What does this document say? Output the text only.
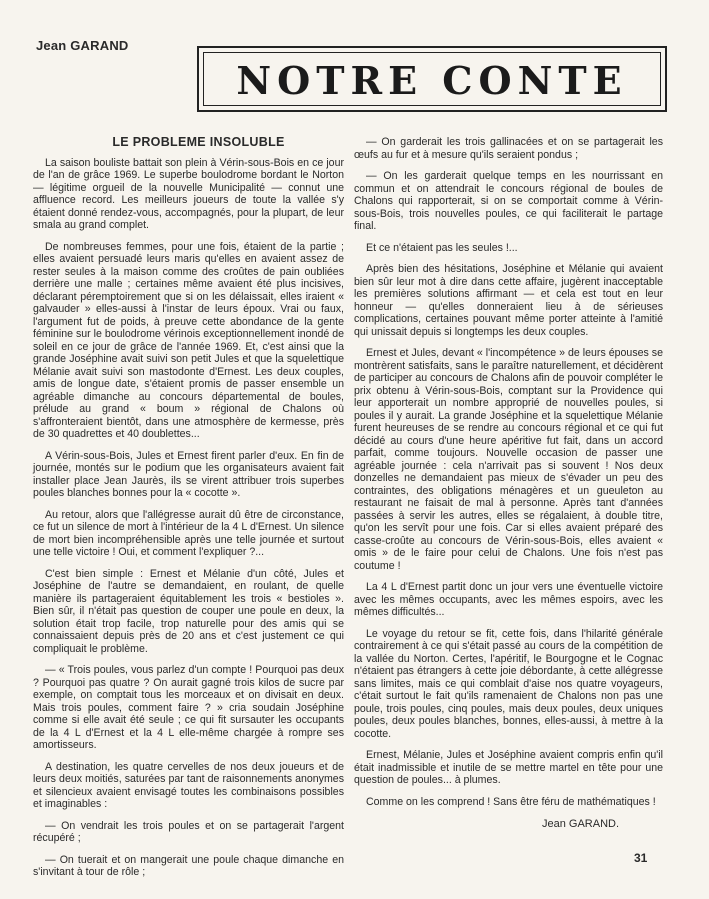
Jean GARAND
NOTRE CONTE
LE PROBLEME INSOLUBLE

La saison bouliste battait son plein à Vérin-sous-Bois en ce jour de l'an de grâce 1969. Le superbe boulodrome bordant le Norton — légitime orgueil de la nouvelle Municipalité — connut une affluence record. Les meilleurs joueurs de toute la vallée s'y étaient donné rendez-vous, accompagnés, pour la plupart, de leur smala au grand complet.

De nombreuses femmes, pour une fois, étaient de la partie ; elles avaient persuadé leurs maris qu'elles en avaient assez de rester seules à la maison comme des croûtes de pain oubliées derrière une malle ; certaines même avaient été plus incisives, déclarant péremptoirement que si on les délaissait, elles iraient « galvauder » elles-aussi à l'instar de leurs époux. Vrai ou faux, l'argument fut de poids, à preuve cette abondance de la gente féminine sur le boulodrome vérinois exceptionnellement inondé de soleil en ce jour de grâce de l'année 1969. Et, c'est ainsi que la grande Joséphine avait suivi son petit Jules et que la squelettique Mélanie avait suivi son mastodonte d'Ernest. Les deux couples, amis de longue date, s'étaient promis de passer ensemble un agréable dimanche au concours départemental de boules, prélude au grand « boum » régional de Chalons où s'affronteraient bientôt, dans une atmosphère de kermesse, près de 30 quadrettes et 40 doublettes...

A Vérin-sous-Bois, Jules et Ernest firent parler d'eux. En fin de journée, montés sur le podium que les organisateurs avaient fait installer place Jean Jaurès, ils se virent attribuer trois superbes poules blanches bonnes pour la « cocotte ».

Au retour, alors que l'allégresse aurait dû être de circonstance, ce fut un silence de mort à l'intérieur de la 4 L d'Ernest. Un silence de mort bien incompréhensible après une telle journée et surtout une telle victoire ! Oui, et comment l'expliquer ?...

C'est bien simple : Ernest et Mélanie d'un côté, Jules et Joséphine de l'autre se demandaient, en roulant, de quelle manière ils partageraient équitablement les trois « bestioles ». Bien sûr, il n'était pas question de couper une poule en deux, la solution était trop facile, trop naturelle pour des amis qui se connaissaient depuis près de 20 ans et c'est justement ce qui compliquait le problème.

— « Trois poules, vous parlez d'un compte ! Pourquoi pas deux ? Pourquoi pas quatre ? On aurait gagné trois kilos de sucre par exemple, on comptait tous les morceaux et on divisait en deux. Mais trois poules, comment faire ? » cria soudain Joséphine comme si elle avait été seule ; ce qui fit sursauter les occupants de la 4 L d'Ernest et la 4 L elle-même chargée à rompre ses amortisseurs.

A destination, les quatre cervelles de nos deux joueurs et de leurs deux moitiés, saturées par tant de raisonnements anonymes et silencieux avaient envisagé toutes les combinaisons possibles et imaginables :

— On vendrait les trois poules et on se partagerait l'argent récupéré ;

— On tuerait et on mangerait une poule chaque dimanche en s'invitant à tour de rôle ;

— On garderait les trois gallinacées et on se partagerait les œufs au fur et à mesure qu'ils seraient pondus ;

— On les garderait quelque temps en les nourrissant en commun et on attendrait le concours régional de boules de Chalons qui rapporterait, si on se comportait comme à Vérin-sous-Bois, trois nouvelles poules, ce qui faciliterait le partage final.

Et ce n'étaient pas les seules !...

Après bien des hésitations, Joséphine et Mélanie qui avaient bien sûr leur mot à dire dans cette affaire, jugèrent inacceptable les premières solutions affirmant — et cela est tout en leur honneur — qu'elles donneraient lieu à de sérieuses complications, certaines pouvant même porter atteinte à l'amitié qui unissait depuis si longtemps les deux couples.

Ernest et Jules, devant « l'incompétence » de leurs épouses se montrèrent satisfaits, sans le paraître naturellement, et décidèrent de participer au concours de Chalons afin de pouvoir compléter le prix obtenu à Vérin-sous-Bois, comptant sur la Providence qui leur apporterait un nombre approprié de nouvelles poules, si poules il y aurait. La grande Joséphine et la squelettique Mélanie furent heureuses de se rendre au concours régional et ce qui fut décidé au cours d'une heure apéritive fut fait, dans un accord parfait, comme toujours. Nouvelle occasion de passer une agréable journée : cela n'arrivait pas si souvent ! Nos deux donzelles ne demandaient pas mieux de s'évader un peu des contraintes, des obligations ménagères et un gueuleton au restaurant ne faisait de mal à personne. Après tant d'années passées à servir les autres, elles se régalaient, à double titre, qu'on les servît pour une fois. Car si elles avaient préparé des casse-croûte au concours de Vérin-sous-Bois, elles avaient « omis » de le faire pour celui de Chalons. Une fois n'est pas coutume !

La 4 L d'Ernest partit donc un jour vers une éventuelle victoire avec les mêmes occupants, avec les mêmes espoirs, avec les mêmes difficultés...

Le voyage du retour se fit, cette fois, dans l'hilarité générale contrairement à ce qui s'était passé au cours de la compétition de la vallée du Norton. Certes, l'apéritif, le Bourgogne et le Cognac n'étaient pas étrangers à cette joie débordante, à cette allégresse sans limites, mais ce qui comblait d'aise nos quatre voyageurs, c'était surtout le fait qu'ils ramenaient de Chalons non pas une poule, trois poules, cinq poules, mais deux poules, deux uniques poules, deux poules blanches, bonnes, elles-aussi, à mettre à la cocotte.

Ernest, Mélanie, Jules et Joséphine avaient compris enfin qu'il était inadmissible et inutile de se mettre martel en tête pour une question de poules... à plumes.

Comme on les comprend ! Sans être féru de mathématiques !

Jean GARAND.
31
